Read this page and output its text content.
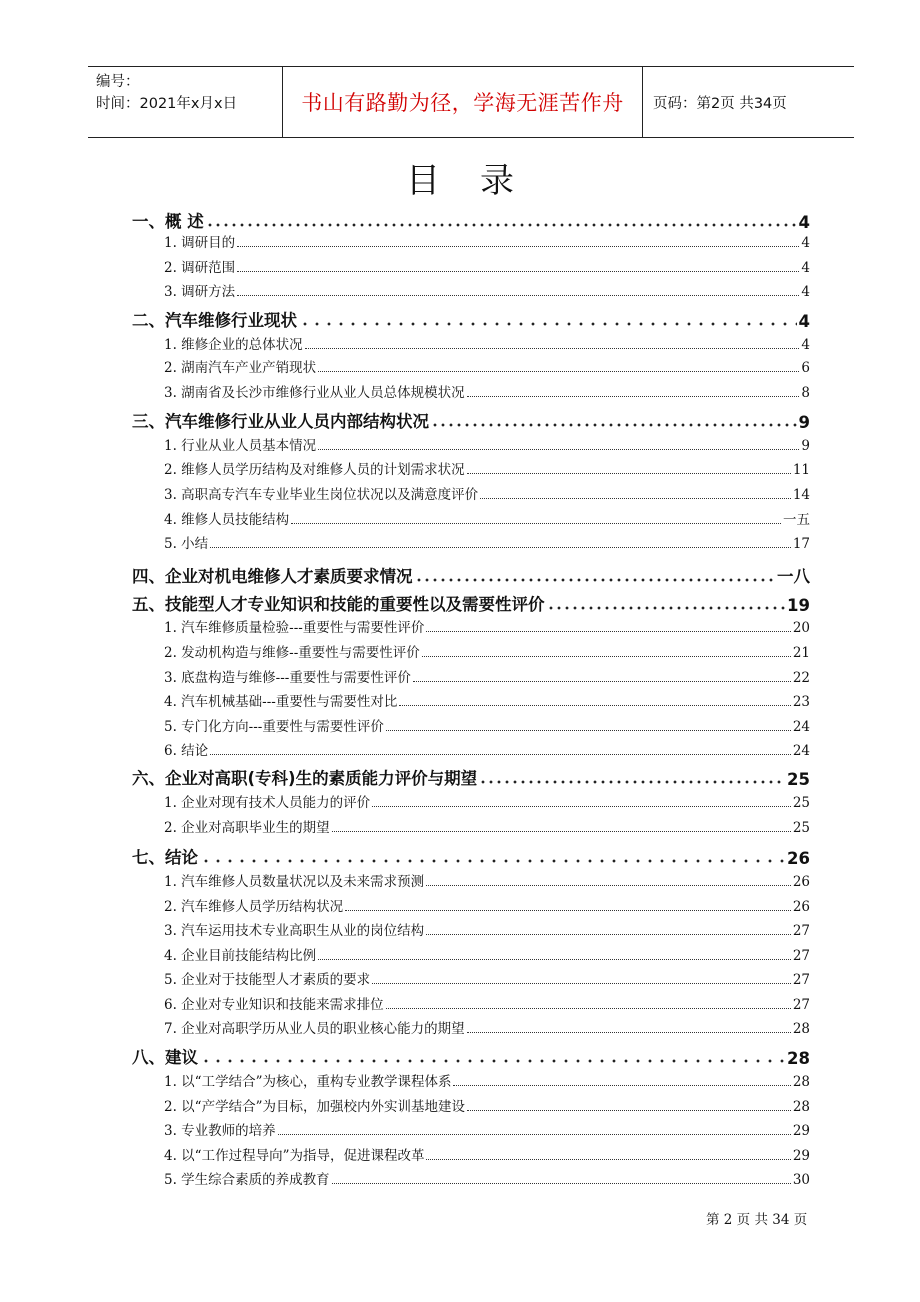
编号：
时间：2021年x月x日	书山有路勤为径，学海无涯苦作舟	页码：第2页 共34页
目录
一、概 述	4
1. 调研目的	4
2. 调研范围	4
3. 调研方法	4
二、汽车维修行业现状	4
1. 维修企业的总体状况	4
2. 湖南汽车产业产销现状	6
3. 湖南省及长沙市维修行业从业人员总体规模状况	8
三、汽车维修行业从业人员内部结构状况	9
1. 行业从业人员基本情况	9
2. 维修人员学历结构及对维修人员的计划需求状况	11
3. 高职高专汽车专业毕业生岗位状况以及满意度评价	14
4. 维修人员技能结构	一五
5. 小结	17
四、企业对机电维修人才素质要求情况	一八
五、技能型人才专业知识和技能的重要性以及需要性评价	19
1. 汽车维修质量检验---重要性与需要性评价	20
2. 发动机构造与维修--重要性与需要性评价	21
3. 底盘构造与维修---重要性与需要性评价	22
4. 汽车机械基础---重要性与需要性对比	23
5. 专门化方向---重要性与需要性评价	24
6. 结论	24
六、企业对高职(专科)生的素质能力评价与期望	25
1. 企业对现有技术人员能力的评价	25
2. 企业对高职毕业生的期望	25
七、结论	26
1. 汽车维修人员数量状况以及未来需求预测	26
2. 汽车维修人员学历结构状况	26
3. 汽车运用技术专业高职生从业的岗位结构	27
4. 企业目前技能结构比例	27
5. 企业对于技能型人才素质的要求	27
6. 企业对专业知识和技能来需求排位	27
7. 企业对高职学历从业人员的职业核心能力的期望	28
八、建议	28
1. 以“工学结合”为核心，重构专业教学课程体系	28
2. 以“产学结合”为目标，加强校内外实训基地建设	28
3. 专业教师的培养	29
4. 以“工作过程导向”为指导，促进课程改革	29
5. 学生综合素质的养成教育	30
第 2 页 共 34 页
